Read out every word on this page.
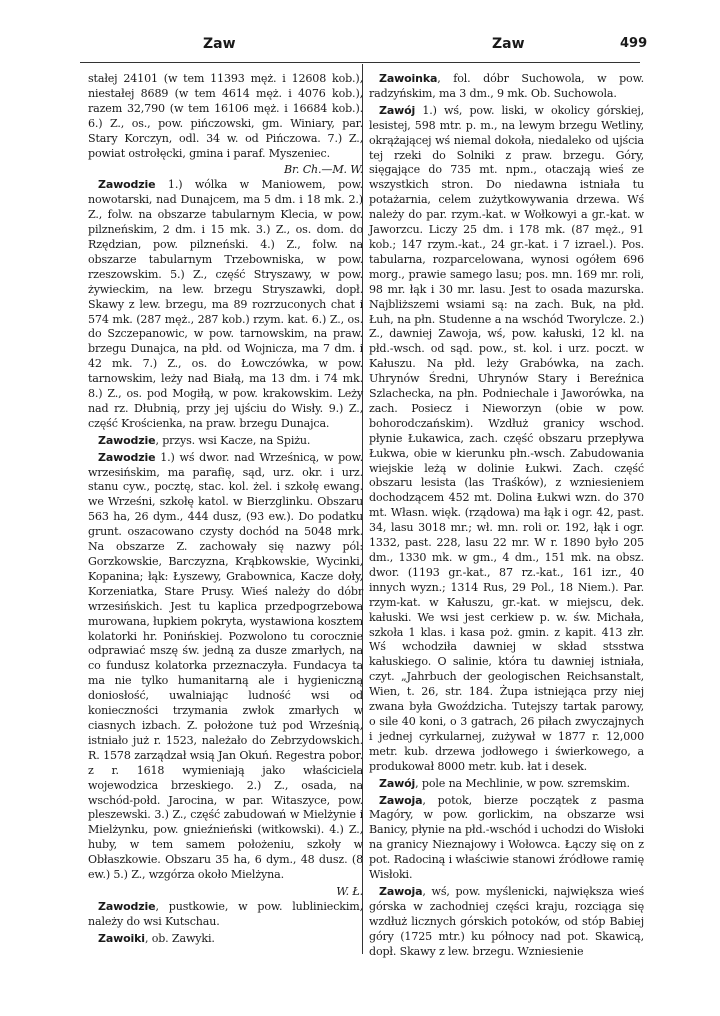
Zaw	Zaw	499

stałej 24101 (w tem 11393 męż. i 12608 kob.), niestałej 8689 (w tem 4614 męż. i 4076 kob.), razem 32,790 (w tem 16106 męż. i 16684 kob.). 6.) Z., os., pow. pińczowski, gm. Winiary, par. Stary Korczyn, odl. 34 w. od Pińczowa. 7.) Z., powiat ostrołęcki, gmina i paraf. Myszeniec.

Br. Ch.—M. W.

Zawodzie 1.) wólka w Maniowem, pow. nowotarski, nad Dunajcem, ma 5 dm. i 18 mk. 2.) Z., folw. na obszarze tabularnym Klecia, w pow. pilzneńskim, 2 dm. i 15 mk. 3.) Z., os. dom. do Rzędzian, pow. pilzneński. 4.) Z., folw. na obszarze tabularnym Trzebowniska, w pow. rzeszowskim. 5.) Z., część Stryszawy, w pow. żywieckim, na lew. brzegu Stryszawki, dopł. Skawy z lew. brzegu, ma 89 rozrzuconych chat i 574 mk. (287 męż., 287 kob.) rzym. kat. 6.) Z., os. do Szczepanowic, w pow. tarnowskim, na praw. brzegu Dunajca, na płd. od Wojnicza, ma 7 dm. i 42 mk. 7.) Z., os. do Łowczówka, w pow. tarnowskim, leży nad Białą, ma 13 dm. i 74 mk. 8.) Z., os. pod Mogiłą, w pow. krakowskim. Leży nad rz. Dłubnią, przy jej ujściu do Wisły. 9.) Z., część Krościenka, na praw. brzegu Dunajca.

Zawodzie, przys. wsi Kacze, na Spiżu.

Zawodzie 1.) wś dwor. nad Wrześnicą, w pow. wrzesińskim, ma parafię, sąd, urz. okr. i urz. stanu cyw., pocztę, stac. kol. żel. i szkołę ewang. we Wrześni, szkołę katol. w Bierzglinku. Obszaru 563 ha, 26 dym., 444 dusz, (93 ew.). Do podatku grunt. oszacowano czysty dochód na 5048 mrk. Na obszarze Z. zachowały się nazwy pól: Gorzkowskie, Barczyzna, Krąbkowskie, Wycinki, Kopanina; łąk: Łyszewy, Grabownica, Kacze doły, Korzeniatka, Stare Prusy. Wieś należy do dóbr wrzesińskich. Jest tu kaplica przedpogrzebowa murowana, łupkiem pokryta, wystawiona kosztem kolatorki hr. Ponińskiej. Pozwolono tu corocznie odprawiać mszę św. jedną za dusze zmarłych, na co fundusz kolatorka przeznaczyła. Fundacya ta ma nie tylko humanitarną ale i hygieniczną doniosłość, uwalniając ludność wsi od konieczności trzymania zwłok zmarłych w ciasnych izbach. Z. położone tuż pod Wrześnią, istniało już r. 1523, należało do Zebrzydowskich. R. 1578 zarządzał wsią Jan Okuń. Regestra pobor. z r. 1618 wymieniają jako właściciela wojewodzica brzeskiego. 2.) Z., osada, na wschód-połd. Jarocina, w par. Witaszyce, pow. pleszewski. 3.) Z., część zabudowań w Mielżynie i Mielżynku, pow. gnieźnieński (witkowski). 4.) Z., huby, w tem samem położeniu, szkoły w Obłaszkowie. Obszaru 35 ha, 6 dym., 48 dusz. (8 ew.) 5.) Z., wzgórza około Mielżyna.

W. Ł.

Zawodzie, pustkowie, w pow. lublinieckim, należy do wsi Kutschau.

Zawoiki, ob. Zawyki.

Zawoinka, fol. dóbr Suchowola, w pow. radzyńskim, ma 3 dm., 9 mk. Ob. Suchowola.

Zawój 1.) wś, pow. liski, w okolicy górskiej, lesistej, 598 mtr. p. m., na lewym brzegu Wetliny, okrążającej wś niemal dokoła, niedaleko od ujścia tej rzeki do Solniki z praw. brzegu. Góry, sięgające do 735 mt. npm., otaczają wieś ze wszystkich stron. Do niedawna istniała tu potażarnia, celem zużytkowywania drzewa. Wś należy do par. rzym.-kat. w Wołkowyi a gr.-kat. w Jaworzcu. Liczy 25 dm. i 178 mk. (87 męż., 91 kob.; 147 rzym.-kat., 24 gr.-kat. i 7 izrael.). Pos. tabularna, rozparcelowana, wynosi ogółem 696 morg., prawie samego lasu; pos. mn. 169 mr. roli, 98 mr. łąk i 30 mr. lasu. Jest to osada mazurska. Najbliższemi wsiami są: na zach. Buk, na płd. Łuh, na płn. Studenne a na wschód Tworylcze. 2.) Z., dawniej Zawoja, wś, pow. kałuski, 12 kl. na płd.-wsch. od sąd. pow., st. kol. i urz. poczt. w Kałuszu. Na płd. leży Grabówka, na zach. Uhrynów Średni, Uhrynów Stary i Bereźnica Szlachecka, na płn. Podniechale i Jaworówka, na zach. Posiecz i Nieworzyn (obie w pow. bohorodczańskim). Wzdłuż granicy wschod. płynie Łukawica, zach. część obszaru przepływa Łukwa, obie w kierunku płn.-wsch. Zabudowania wiejskie leżą w dolinie Łukwi. Zach. część obszaru lesista (las Traśków), z wzniesieniem dochodzącem 452 mt. Dolina Łukwi wzn. do 370 mt. Własn. więk. (rządowa) ma łąk i ogr. 42, past. 34, lasu 3018 mr.; wł. mn. roli or. 192, łąk i ogr. 1332, past. 228, lasu 22 mr. W r. 1890 było 205 dm., 1330 mk. w gm., 4 dm., 151 mk. na obsz. dwor. (1193 gr.-kat., 87 rz.-kat., 161 izr., 40 innych wyzn.; 1314 Rus, 29 Pol., 18 Niem.). Par. rzym-kat. w Kałuszu, gr.-kat. w miejscu, dek. kałuski. We wsi jest cerkiew p. w. św. Michała, szkoła 1 klas. i kasa poż. gmin. z kapit. 413 złr. Wś wchodziła dawniej w skład stsstwa kałuskiego. O salinie, która tu dawniej istniała, czyt. „Jahrbuch der geologischen Reichsanstalt, Wien, t. 26, str. 184. Żupa istniejąca przy niej zwana była Gwoździcha. Tutejszy tartak parowy, o sile 40 koni, o 3 gatrach, 26 piłach zwyczajnych i jednej cyrkularnej, zużywał w 1877 r. 12,000 metr. kub. drzewa jodłowego i świerkowego, a produkował 8000 metr. kub. łat i desek.

Zawój, pole na Mechlinie, w pow. szremskim.

Zawoja, potok, bierze początek z pasma Magóry, w pow. gorlickim, na obszarze wsi Banicy, płynie na płd.-wschód i uchodzi do Wisłoki na granicy Nieznajowy i Wołowca. Łączy się on z pot. Radociną i właściwie stanowi źródłowe ramię Wisłoki.

Zawoja, wś, pow. myślenicki, największa wieś górska w zachodniej części kraju, rozciąga się wzdłuż licznych górskich potoków, od stóp Babiej góry (1725 mtr.) ku północy nad pot. Skawicą, dopł. Skawy z lew. brzegu. Wzniesienie
